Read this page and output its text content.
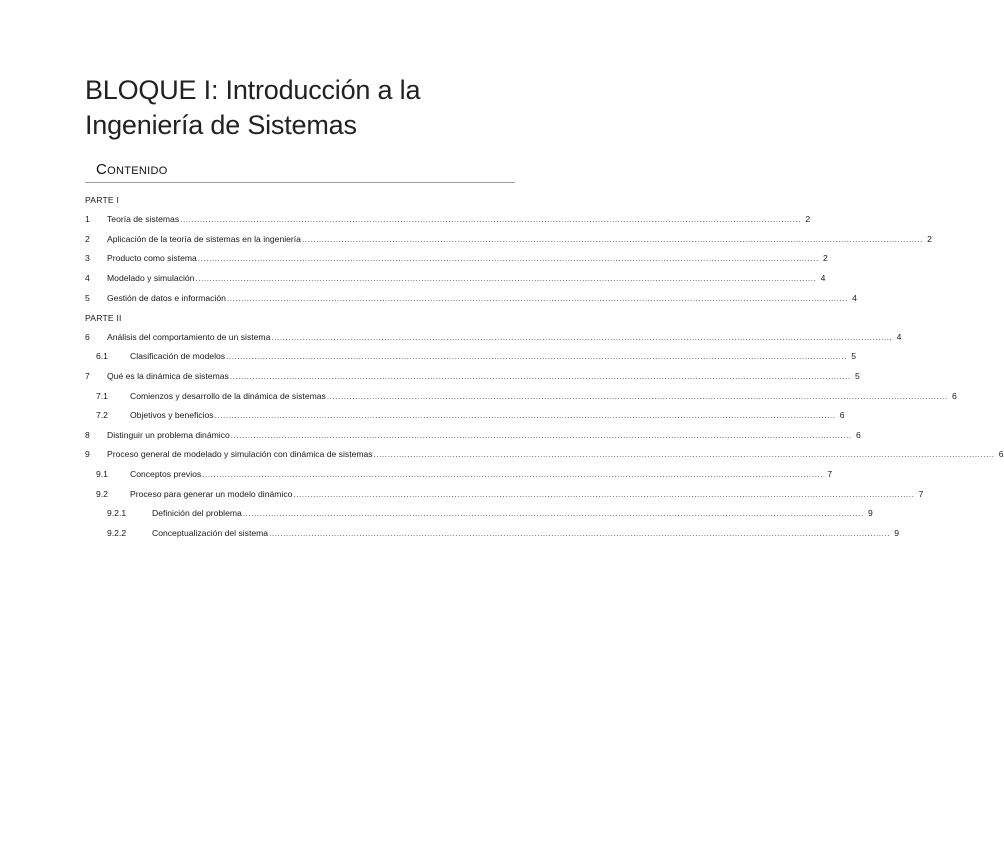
BLOQUE I: Introducción a la Ingeniería de Sistemas
Contenido
PARTE I
1	Teoría de sistemas ............................................................................................................................................................................................................................ 2
2	Aplicación de la teoría de sistemas en la ingeniería ............................................................................................................................................................................................................................ 2
3	Producto como sistema ............................................................................................................................................................................................................................ 2
4	Modelado y simulación ............................................................................................................................................................................................................................ 4
5	Gestión de datos e información ............................................................................................................................................................................................................................ 4
PARTE II
6	Análisis del comportamiento de un sistema ............................................................................................................................................................................................................................ 4
6.1	Clasificación de modelos ............................................................................................................................................................................................................................ 5
7	Qué es la dinámica de sistemas ............................................................................................................................................................................................................................ 5
7.1	Comienzos y desarrollo de la dinámica de sistemas ............................................................................................................................................................................................................................ 6
7.2	Objetivos y beneficios ............................................................................................................................................................................................................................ 6
8	Distinguir un problema dinámico ............................................................................................................................................................................................................................ 6
9	Proceso general de modelado y simulación con dinámica de sistemas ............................................................................................................................................................................................................................ 6
9.1	Conceptos previos ............................................................................................................................................................................................................................ 7
9.2	Proceso para generar un modelo dinámico ............................................................................................................................................................................................................................ 7
9.2.1	Definición del problema ............................................................................................................................................................................................................................ 9
9.2.2	Conceptualización del sistema ............................................................................................................................................................................................................................ 9
